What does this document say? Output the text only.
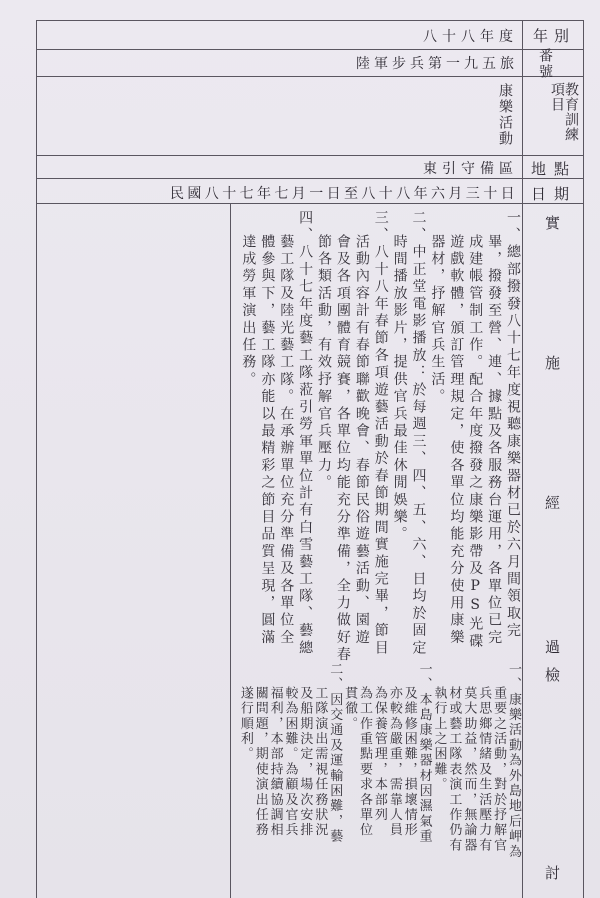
年別
八十八年度
番號
陸軍步兵第一九五旅
教育訓練項目
康樂活動
地點
東引守備區
日期
民國八十七年七月一日至八十八年六月三十日
實
施
經
過
檢
討
一、總部撥發八十七年度視聽康樂器材已於六月間領取完
畢，撥發至營、連、據點及各服務台運用，各單位已完
成建帳管制工作。配合年度撥發之康樂影帶及PS光碟
遊戲軟體，頒訂管理規定，使各單位均能充分使用康樂
器材，抒解官兵生活。
二、中正堂電影播放：於每週三、四、五、六、日均於固定
時間播放影片，提供官兵最佳休閒娛樂。
三、八十八年春節各項遊藝活動於春節期間實施完畢，節目
活動內容計有春節聯歡晚會、春節民俗遊藝活動、園遊
會及各項團體育競賽，各單位均能充分準備，全力做好春
節各類活動，有效抒解官兵壓力。
四、八十七年度藝工隊蒞引勞軍單位計有白雪藝工隊、藝總
藝工隊及陸光藝工隊。在承辦單位充分準備及各單位全
體參與下，藝工隊亦能以最精彩之節目品質呈現，圓滿
達成勞軍演出任務。
一、康樂活動為外島地后岬為
重要之活動，對於抒解官
兵思鄉情緒及生活壓力有
莫大助益，然而，無論器
材或藝工隊表演工作仍有
執行上之困難。
一、本島康樂器材因濕氣重
及維修困難，損壞情形
亦較為嚴重，需靠人員
為保養管理，本部列
為工作重點要求各單位
貫徹。
二、因交通及運輸困難，藝
工隊演出需視任務狀況
及船期決定，場次安排
較為困難。為顧及官兵
福利，本部持續協調相
關問題，期使演出任務
遂行順利。
